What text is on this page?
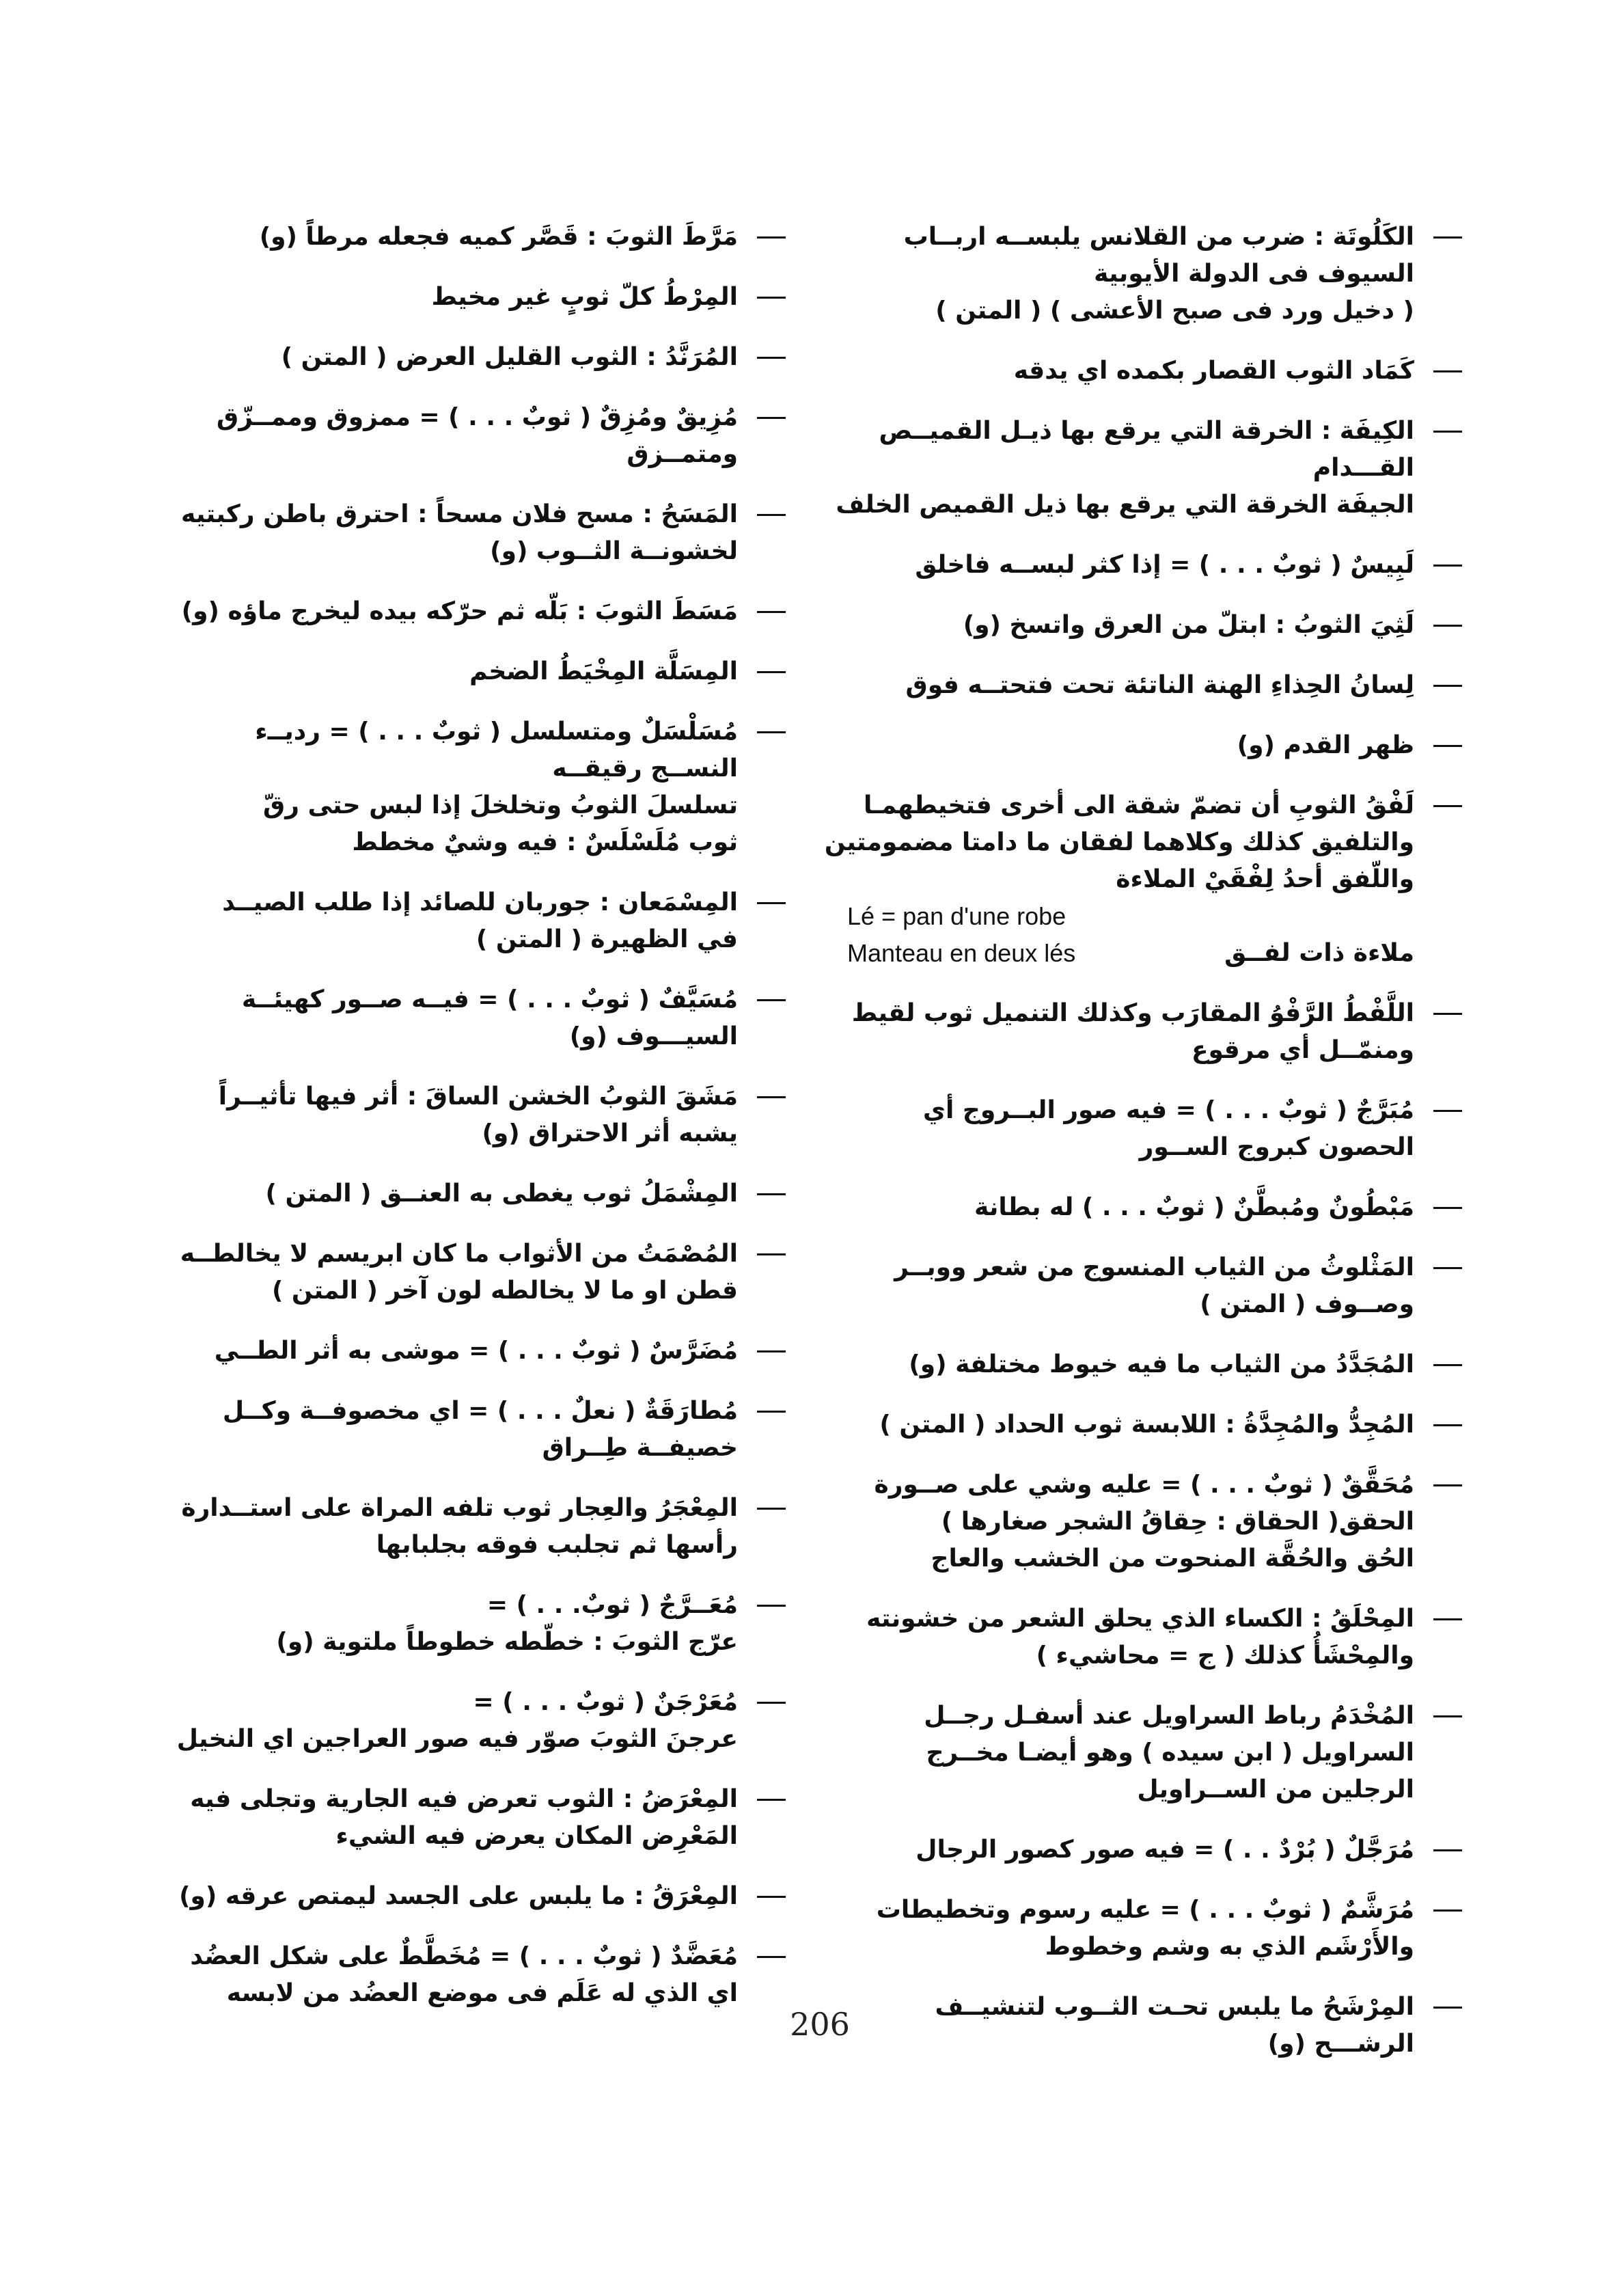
الكَلُوتَة : ضرب من القلانس يلبســه اربــاب
السيوف فى الدولة الأيوبية
( دخيل ورد فى صبح الأعشى ) ( المتن )
كَمَاد الثوب القصار بكمده اي يدقه
الكِيفَة : الخرقة التي يرقع بها ذيـل القميــص
القـــدام
الجيفَة الخرقة التي يرقع بها ذيل القميص الخلف
لَبِيسٌ ( ثوبٌ . . . ) = إذا كثر لبســه فاخلق
لَثِيَ الثوبُ : ابتلّ من العرق واتسخ (و)
لِسانُ الحِذاءِ الهنة الناتئة تحت فتحتــه فوق
ظهر القدم (و)
لَفْقُ الثوبِ أن تضمّ شقة الى أخرى فتخيطهمـا
والتلفيق كذلك وكلاهما لفقان ما دامتا مضمومتين
واللّفق أحدُ لِفْقَيْ الملاءة
Lé = pan d'une robe
ملاءة ذات لفــق
Manteau en deux lés
اللَّفْطُ الرَّفْوُ المقارَب وكذلك التنميل ثوب لقيط
ومنمّــل أي مرقوع
مُبَرَّجٌ ( ثوبٌ . . . ) = فيه صور البــروج أي
الحصون كبروج الســور
مَبْطُونٌ ومُبطَّنٌ ( ثوبٌ . . . ) له بطانة
المَثْلوثُ من الثياب المنسوج من شعر ووبــر
وصــوف ( المتن )
المُجَدَّدُ من الثياب ما فيه خيوط مختلفة (و)
المُجِدُّ والمُجِدَّةُ : اللابسة ثوب الحداد ( المتن )
مُحَقَّقٌ ( ثوبٌ . . . ) = عليه وشي على صــورة
الحقق( الحقاق : حِقاقُ الشجر صغارها )
الحُق والحُقَّة المنحوت من الخشب والعاج
المِحْلَقُ : الكساء الذي يحلق الشعر من خشونته
والمِحْشَأُ كذلك ( ج = محاشيء )
المُخْدَمُ رباط السراويل عند أسفـل رجــل
السراويل ( ابن سيده ) وهو أيضـا مخــرج
الرجلين من الســراويل
مُرَجَّلٌ ( بُرْدٌ . . ) = فيه صور كصور الرجال
مُرَشَّمٌ ( ثوبٌ . . . ) = عليه رسوم وتخطيطات
والأَرْشَم الذي به وشم وخطوط
المِرْشَحُ ما يلبس تحـت الثــوب لتنشيــف
الرشـــح (و)
مَرَّطَ الثوبَ : قَصَّر كميه فجعله مرطاً (و)
المِرْطُ كلّ ثوبٍ غير مخيط
المُرَنَّدُ : الثوب القليل العرض ( المتن )
مُزِيقٌ ومُزِقٌ ( ثوبٌ . . . ) = ممزوق وممــزّق
ومتمــزق
المَسَحُ : مسح فلان مسحاً : احترق باطن ركبتيه
لخشونــة الثــوب (و)
مَسَطَ الثوبَ : بَلّه ثم حرّكه بيده ليخرج ماؤه (و)
المِسَلَّة المِخْيَطُ الضخم
مُسَلْسَلٌ ومتسلسل ( ثوبٌ . . . ) = رديــء
النســج رقيقــه
تسلسلَ الثوبُ وتخلخلَ إذا لبس حتى رقّ
ثوب مُلَسْلَسٌ : فيه وشيٌ مخطط
المِسْمَعان : جوربان للصائد إذا طلب الصيــد
في الظهيرة ( المتن )
مُسَيَّفٌ ( ثوبٌ . . . ) = فيــه صــور كهيئــة
السيـــوف (و)
مَشَقَ الثوبُ الخشن الساقَ : أثر فيها تأثيــراً
يشبه أثر الاحتراق (و)
المِشْمَلُ ثوب يغطى به العنــق ( المتن )
المُصْمَتُ من الأثواب ما كان ابريسم لا يخالطــه
قطن او ما لا يخالطه لون آخر ( المتن )
مُضَرَّسٌ ( ثوبٌ . . . ) = موشى به أثر الطــي
مُطارَقَةٌ ( نعلٌ . . . ) = اي مخصوفــة وكــل
خصيفــة طِــراق
المِعْجَرُ والعِجار ثوب تلفه المراة على استــدارة
رأسها ثم تجلبب فوقه بجلبابها
مُعَــرَّجٌ ( ثوبٌ. . . ) =
عرّج الثوبَ : خطّطه خطوطاً ملتوية (و)
مُعَرْجَنٌ ( ثوبٌ . . . ) =
عرجنَ الثوبَ صوّر فيه صور العراجين اي النخيل
المِعْرَضُ : الثوب تعرض فيه الجارية وتجلى فيه
المَعْرِض المكان يعرض فيه الشيء
المِعْرَقُ : ما يلبس على الجسد ليمتص عرقه (و)
مُعَضَّدٌ ( ثوبٌ . . . ) = مُخَطَّطٌ على شكل العضُد
اي الذي له عَلَم فى موضع العضُد من لابسه
206
